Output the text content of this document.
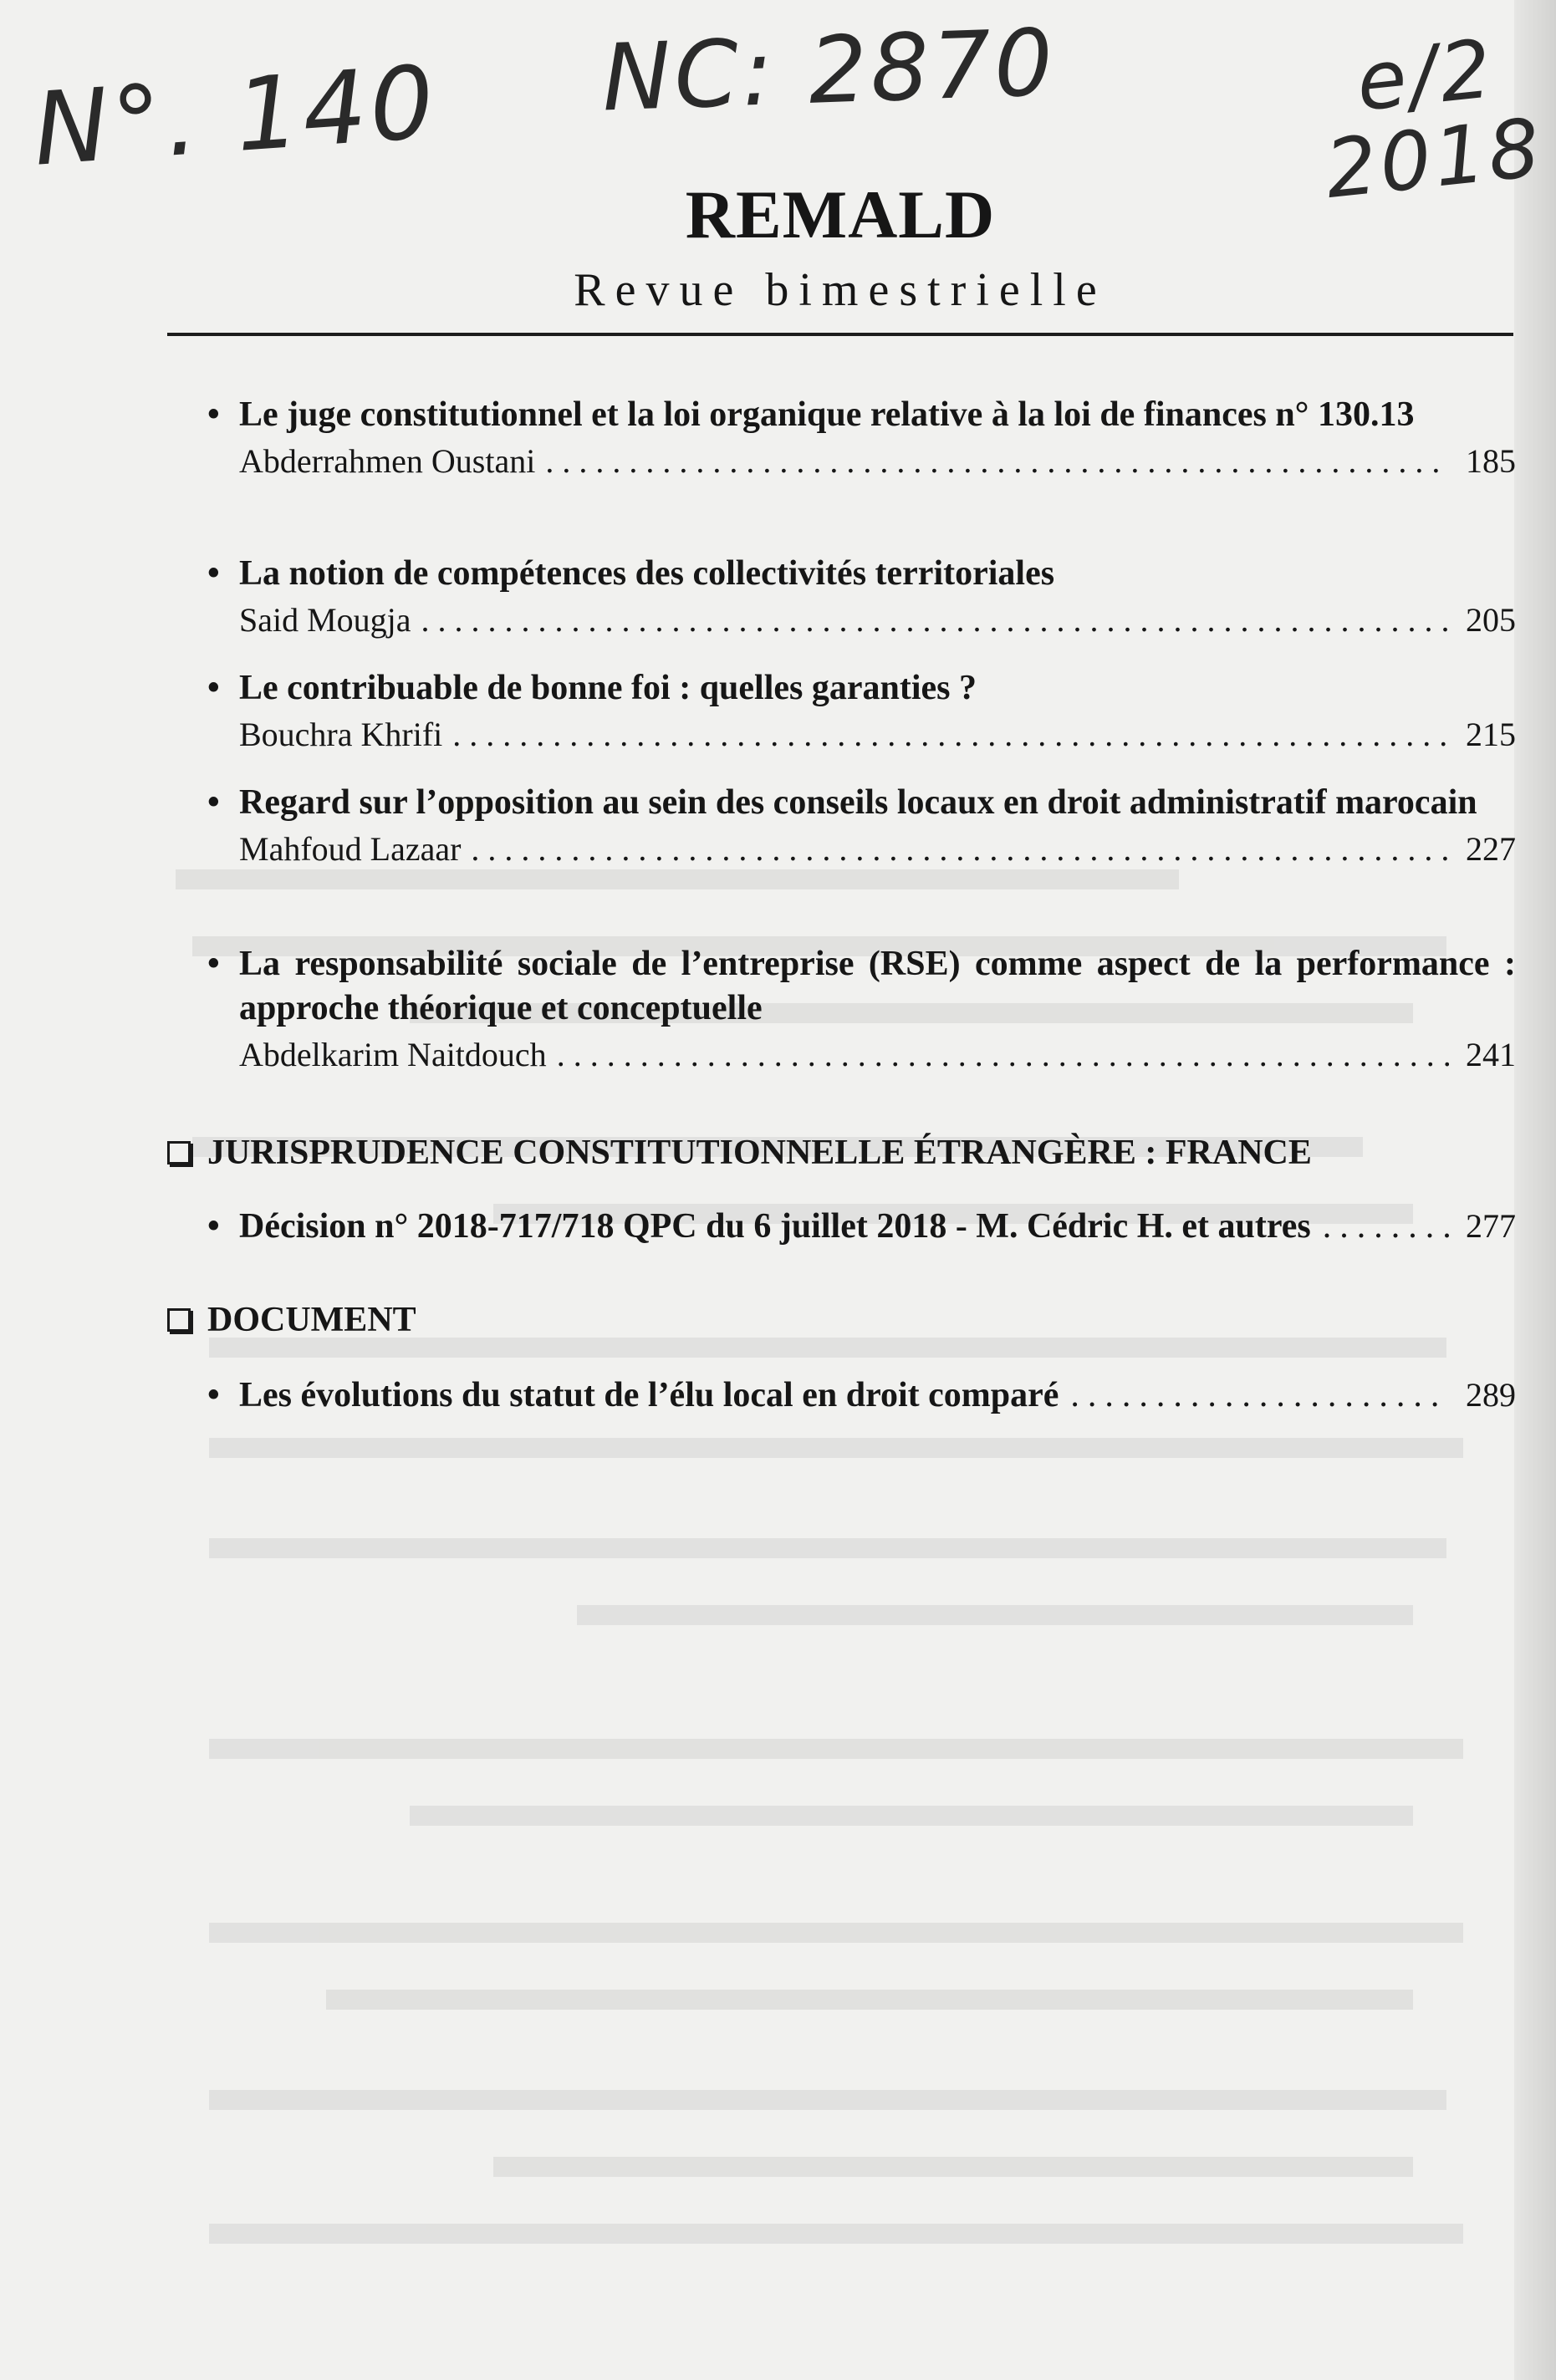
N°. 140 NC: 2870	e/2
2018
REMALD
Revue bimestrielle
• Le juge constitutionnel et la loi organique relative à la loi de finances n° 130.13
Abderrahmen Oustani .....	185
• La notion de compétences des collectivités territoriales
Said Mougja .....	205
• Le contribuable de bonne foi : quelles garanties ?
Bouchra Khrifi .....	215
• Regard sur l’opposition au sein des conseils locaux en droit administratif marocain
Mahfoud Lazaar .....	227
• La responsabilité sociale de l’entreprise (RSE) comme aspect de la performance : approche théorique et conceptuelle
Abdelkarim Naitdouch .....	241
JURISPRUDENCE CONSTITUTIONNELLE ÉTRANGÈRE : FRANCE
• Décision n° 2018-717/718 QPC du 6 juillet 2018 - M. Cédric H. et autres .....	277
DOCUMENT
• Les évolutions du statut de l’élu local en droit comparé .....	289
